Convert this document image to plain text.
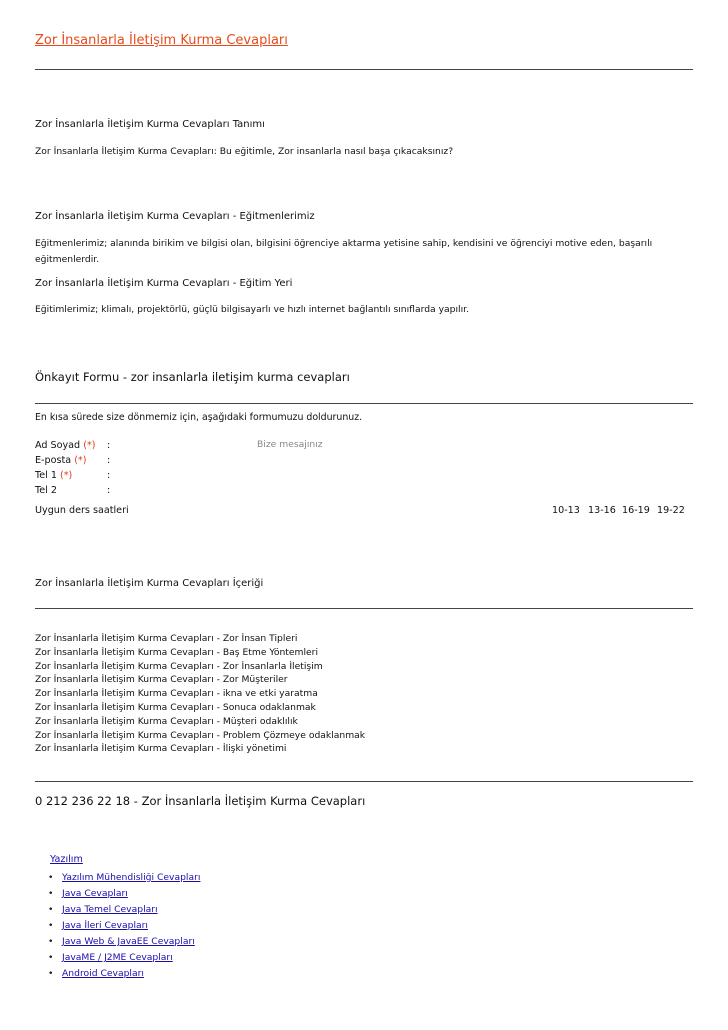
Zor İnsanlarla İletişim Kurma Cevapları
Zor İnsanlarla İletişim Kurma Cevapları Tanımı
Zor İnsanlarla İletişim Kurma Cevapları: Bu eğitimle, Zor insanlarla nasıl başa çıkacaksınız?
Zor İnsanlarla İletişim Kurma Cevapları - Eğitmenlerimiz
Eğitmenlerimiz; alanında birikim ve bilgisi olan, bilgisini öğrenciye aktarma yetisine sahip, kendisini ve öğrenciyi motive eden, başarılı eğitmenlerdir.
Zor İnsanlarla İletişim Kurma Cevapları - Eğitim Yeri
Eğitimlerimiz; klimalı, projektörlü, güçlü bilgisayarlı ve hızlı internet bağlantılı sınıflarda yapılır.
Önkayıt Formu - zor insanlarla iletişim kurma cevapları
En kısa sürede size dönmemiz için, aşağıdaki formumuzu doldurunuz.
Ad Soyad (*) :
E-posta (*) :
Tel 1 (*)	:
Tel 2	:
Bize mesajınız
Uygun ders saatleri	10-13 13-16 16-19 19-22
Zor İnsanlarla İletişim Kurma Cevapları İçeriği
Zor İnsanlarla İletişim Kurma Cevapları - Zor İnsan Tipleri
Zor İnsanlarla İletişim Kurma Cevapları - Baş Etme Yöntemleri
Zor İnsanlarla İletişim Kurma Cevapları - Zor İnsanlarla İletişim
Zor İnsanlarla İletişim Kurma Cevapları - Zor Müşteriler
Zor İnsanlarla İletişim Kurma Cevapları - ikna ve etki yaratma
Zor İnsanlarla İletişim Kurma Cevapları - Sonuca odaklanmak
Zor İnsanlarla İletişim Kurma Cevapları - Müşteri odaklılık
Zor İnsanlarla İletişim Kurma Cevapları - Problem Çözmeye odaklanmak
Zor İnsanlarla İletişim Kurma Cevapları - İlişki yönetimi
0 212 236 22 18 - Zor İnsanlarla İletişim Kurma Cevapları
Yazılım
• Yazılım Mühendisliği Cevapları
• Java Cevapları
• Java Temel Cevapları
• Java İleri Cevapları
• Java Web & JavaEE Cevapları
• JavaME / J2ME Cevapları
• Android Cevapları
